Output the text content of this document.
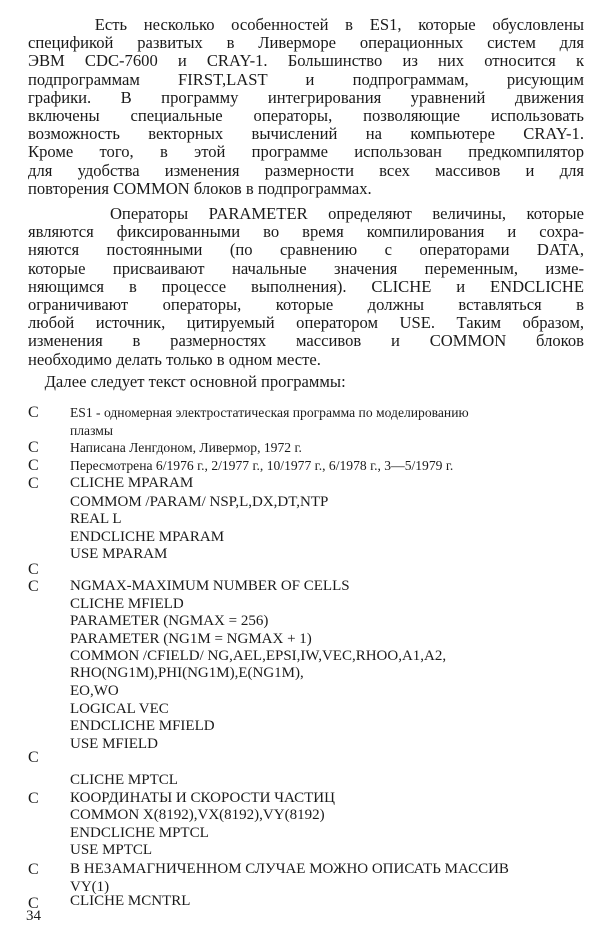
Есть несколько особенностей в ES1, которые обусловлены
спецификой развитых в Ливерморе операционных систем для
ЭВМ CDC-7600 и CRAY-1. Большинство из них относится к
подпрограммам FIRST,LAST и подпрограммам, рисующим
графики. В программу интегрирования уравнений движения
включены специальные операторы, позволяющие использовать
возможность векторных вычислений на компьютере CRAY-1.
Кроме того, в этой программе использован предкомпилятор
для удобства изменения размерности всех массивов и для
повторения COMMON блоков в подпрограммах.
Операторы PARAMETER определяют величины, которые
являются фиксированными во время компилирования и сохра-
няются постоянными (по сравнению с операторами DATA,
которые присваивают начальные значения переменным, изме-
няющимся в процессе выполнения). CLICHE и ENDCLICHE
ограничивают операторы, которые должны вставляться в
любой источник, цитируемый оператором USE. Таким образом,
изменения в размерностях массивов и COMMON блоков
необходимо делать только в одном месте.
Далее следует текст основной программы:
C ES1 - одномерная электростатическая программа по моделированию
плазмы
C Написана Ленгдоном, Ливермор, 1972 г.
C Пересмотрена 6/1976 г., 2/1977 г., 10/1977 г., 6/1978 г., 3—5/1979 г.
C CLICHE MPARAM
COMMOM /PARAM/ NSP,L,DX,DT,NTP
REAL L
ENDCLICHE MPARAM
USE MPARAM
C
C NGMAX-MAXIMUM NUMBER OF CELLS
CLICHE MFIELD
PARAMETER (NGMAX = 256)
PARAMETER (NG1M = NGMAX + 1)
COMMON /CFIELD/ NG,AEL,EPSI,IW,VEC,RHOO,A1,A2,
RHO(NG1M),PHI(NG1M),E(NG1M),
EO,WO
LOGICAL VEC
ENDCLICHE MFIELD
USE MFIELD
C
CLICHE MPTCL
C КООРДИНАТЫ И СКОРОСТИ ЧАСТИЦ
COMMON X(8192),VX(8192),VY(8192)
ENDCLICHE MPTCL
USE MPTCL
C В НЕЗАМАГНИЧЕННОМ СЛУЧАЕ МОЖНО ОПИСАТЬ МАССИВ
VY(1)
C CLICHE MCNTRL
34
